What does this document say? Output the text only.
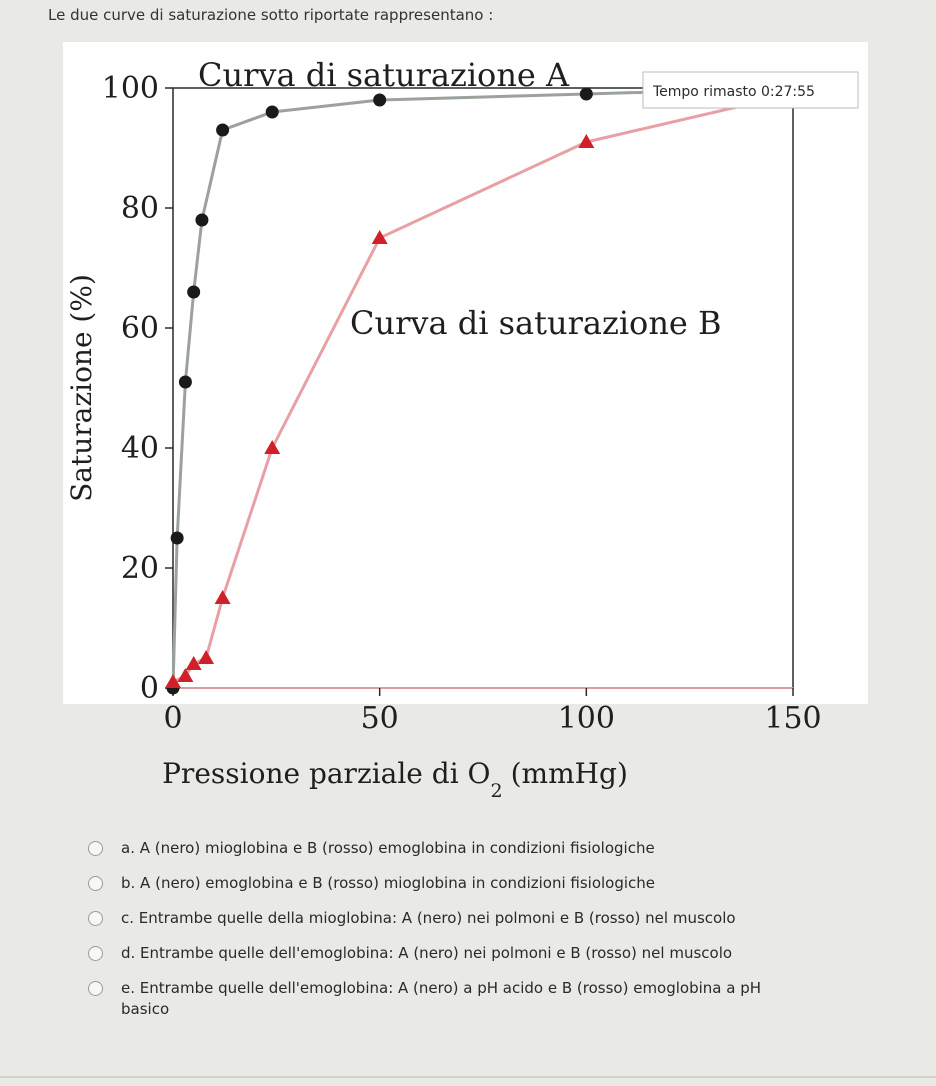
Le due curve di saturazione sotto riportate rappresentano :
0
20
40
60
80
100
0	50	100	150
Curva di saturazione A
Curva di saturazione B
Tempo rimasto 0:27:55
Saturazione (%)
Pressione parziale di $O_2(mmHg)$
a. A (nero) mioglobina e B (rosso) emoglobina in condizioni fisiologiche
b. A (nero) emoglobina e B (rosso) mioglobina in condizioni fisiologiche
c. Entrambe quelle della mioglobina: A (nero) nei polmoni e B (rosso) nel muscolo
d. Entrambe quelle dell'emoglobina: A (nero) nei polmoni e B (rosso) nel muscolo
e. Entrambe quelle dell'emoglobina: A (nero) a pH acido e B (rosso) emoglobina a pH basico
